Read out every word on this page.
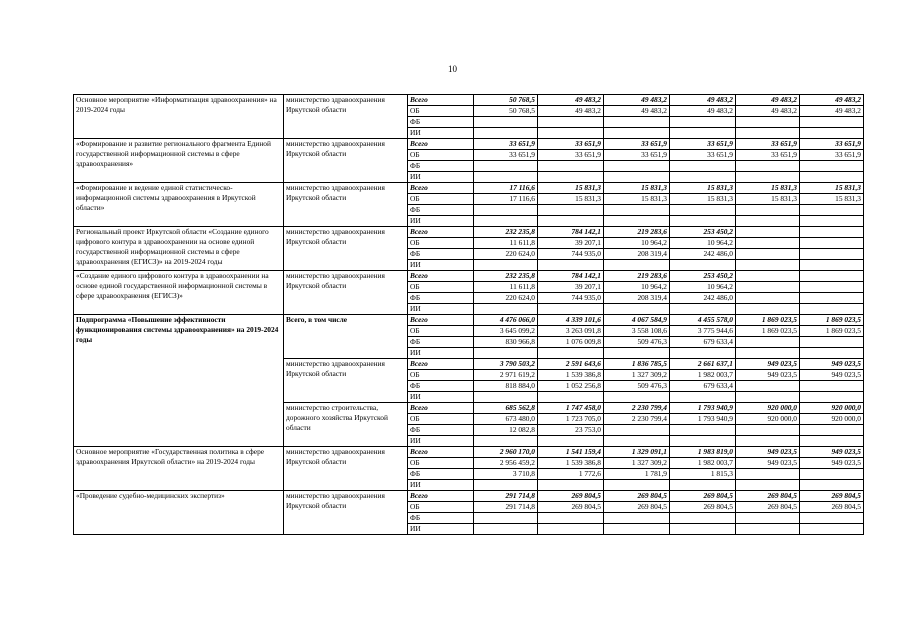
10
Основное мероприятие «Информатизация здравоохранения» на 2019-2024 годы	министерство здравоохранения Иркутской области	Всего	50 768,5	49 483,2	49 483,2	49 483,2	49 483,2	49 483,2
		ОБ	50 768,5	49 483,2	49 483,2	49 483,2	49 483,2	49 483,2
		ФБ						
		ИИ						
«Формирование и развитие регионального фрагмента Единой государственной информационной системы в сфере здравоохранения»	министерство здравоохранения Иркутской области	Всего	33 651,9	33 651,9	33 651,9	33 651,9	33 651,9	33 651,9
		ОБ	33 651,9	33 651,9	33 651,9	33 651,9	33 651,9	33 651,9
		ФБ						
		ИИ						
«Формирование и ведение единой статистическо-информационной системы здравоохранения в Иркутской области»	министерство здравоохранения Иркутской области	Всего	17 116,6	15 831,3	15 831,3	15 831,3	15 831,3	15 831,3
		ОБ	17 116,6	15 831,3	15 831,3	15 831,3	15 831,3	15 831,3
		ФБ						
		ИИ						
Региональный проект Иркутской области «Создание единого цифрового контура в здравоохранении на основе единой государственной информационной системы в сфере здравоохранения (ЕГИСЗ)» на 2019-2024 годы	министерство здравоохранения Иркутской области	Всего	232 235,8	784 142,1	219 283,6	253 450,2		
		ОБ	11 611,8	39 207,1	10 964,2	10 964,2		
		ФБ	220 624,0	744 935,0	208 319,4	242 486,0		
		ИИ						
«Создание единого цифрового контура в здравоохранении на основе единой государственной информационной системы в сфере здравоохранения (ЕГИСЗ)»	министерство здравоохранения Иркутской области	Всего	232 235,8	784 142,1	219 283,6	253 450,2		
		ОБ	11 611,8	39 207,1	10 964,2	10 964,2		
		ФБ	220 624,0	744 935,0	208 319,4	242 486,0		
		ИИ						
Подпрограмма «Повышение эффективности функционирования системы здравоохранения» на 2019-2024 годы	Всего, в том числе	Всего	4 476 066,0	4 339 101,6	4 067 584,9	4 455 578,0	1 869 023,5	1 869 023,5
		ОБ	3 645 099,2	3 263 091,8	3 558 108,6	3 775 944,6	1 869 023,5	1 869 023,5
		ФБ	830 966,8	1 076 009,8	509 476,3	679 633,4		
		ИИ						
	министерство здравоохранения Иркутской области	Всего	3 790 503,2	2 591 643,6	1 836 785,5	2 661 637,1	949 023,5	949 023,5
		ОБ	2 971 619,2	1 539 386,8	1 327 309,2	1 982 003,7	949 023,5	949 023,5
		ФБ	818 884,0	1 052 256,8	509 476,3	679 633,4		
		ИИ						
	министерство строительства, дорожного хозяйства Иркутской области	Всего	685 562,8	1 747 458,0	2 230 799,4	1 793 940,9	920 000,0	920 000,0
		ОБ	673 480,0	1 723 705,0	2 230 799,4	1 793 940,9	920 000,0	920 000,0
		ФБ	12 082,8	23 753,0				
		ИИ						
Основное мероприятие «Государственная политика в сфере здравоохранения Иркутской области» на 2019-2024 годы	министерство здравоохранения Иркутской области	Всего	2 960 170,0	1 541 159,4	1 329 091,1	1 983 819,0	949 023,5	949 023,5
		ОБ	2 956 459,2	1 539 386,8	1 327 309,2	1 982 003,7	949 023,5	949 023,5
		ФБ	3 710,8	1 772,6	1 781,9	1 815,3		
		ИИ						
«Проведение судебно-медицинских экспертиз»	министерство здравоохранения Иркутской области	Всего	291 714,8	269 804,5	269 804,5	269 804,5	269 804,5	269 804,5
		ОБ	291 714,8	269 804,5	269 804,5	269 804,5	269 804,5	269 804,5
		ФБ						
		ИИ						
